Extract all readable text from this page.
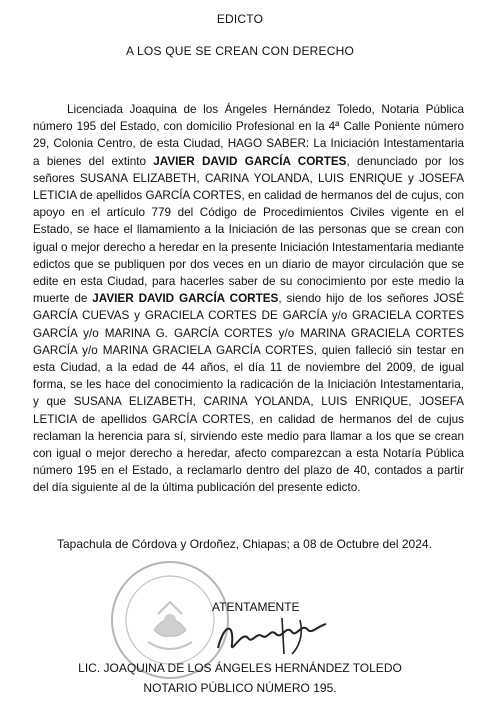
EDICTO
A LOS QUE SE CREAN CON DERECHO
Licenciada Joaquina de los Ángeles Hernández Toledo, Notaria Pública número 195 del Estado, con domicilio Profesional en la 4ª Calle Poniente número 29, Colonia Centro, de esta Ciudad, HAGO SABER: La Iniciación Intestamentaria a bienes del extinto JAVIER DAVID GARCÍA CORTES, denunciado por los señores SUSANA ELIZABETH, CARINA YOLANDA, LUIS ENRIQUE y JOSEFA LETICIA de apellidos GARCÍA CORTES, en calidad de hermanos del de cujus, con apoyo en el artículo 779 del Código de Procedimientos Civiles vigente en el Estado, se hace el llamamiento a la Iniciación de las personas que se crean con igual o mejor derecho a heredar en la presente Iniciación Intestamentaria mediante edictos que se publiquen por dos veces en un diario de mayor circulación que se edite en esta Ciudad, para hacerles saber de su conocimiento por este medio la muerte de JAVIER DAVID GARCÍA CORTES, siendo hijo de los señores JOSÉ GARCÍA CUEVAS y GRACIELA CORTES DE GARCÍA y/o GRACIELA CORTES GARCÍA y/o MARINA G. GARCÍA CORTES y/o MARINA GRACIELA CORTES GARCÍA y/o MARINA GRACIELA GARCÍA CORTES, quien falleció sin testar en esta Ciudad, a la edad de 44 años, el día 11 de noviembre del 2009, de igual forma, se les hace del conocimiento la radicación de la Iniciación Intestamentaria, y que SUSANA ELIZABETH, CARINA YOLANDA, LUIS ENRIQUE, JOSEFA LETICIA de apellidos GARCÍA CORTES, en calidad de hermanos del de cujus reclaman la herencia para sí, sirviendo este medio para llamar a los que se crean con igual o mejor derecho a heredar, afecto comparezcan a esta Notaría Pública número 195 en el Estado, a reclamarlo dentro del plazo de 40, contados a partir del día siguiente al de la última publicación del presente edicto.
Tapachula de Córdova y Ordoñez, Chiapas; a 08 de Octubre del 2024.
ATENTAMENTE
LIC. JOAQUINA DE LOS ÁNGELES HERNÁNDEZ TOLEDO
NOTARIO PÚBLICO NÚMERO 195.
